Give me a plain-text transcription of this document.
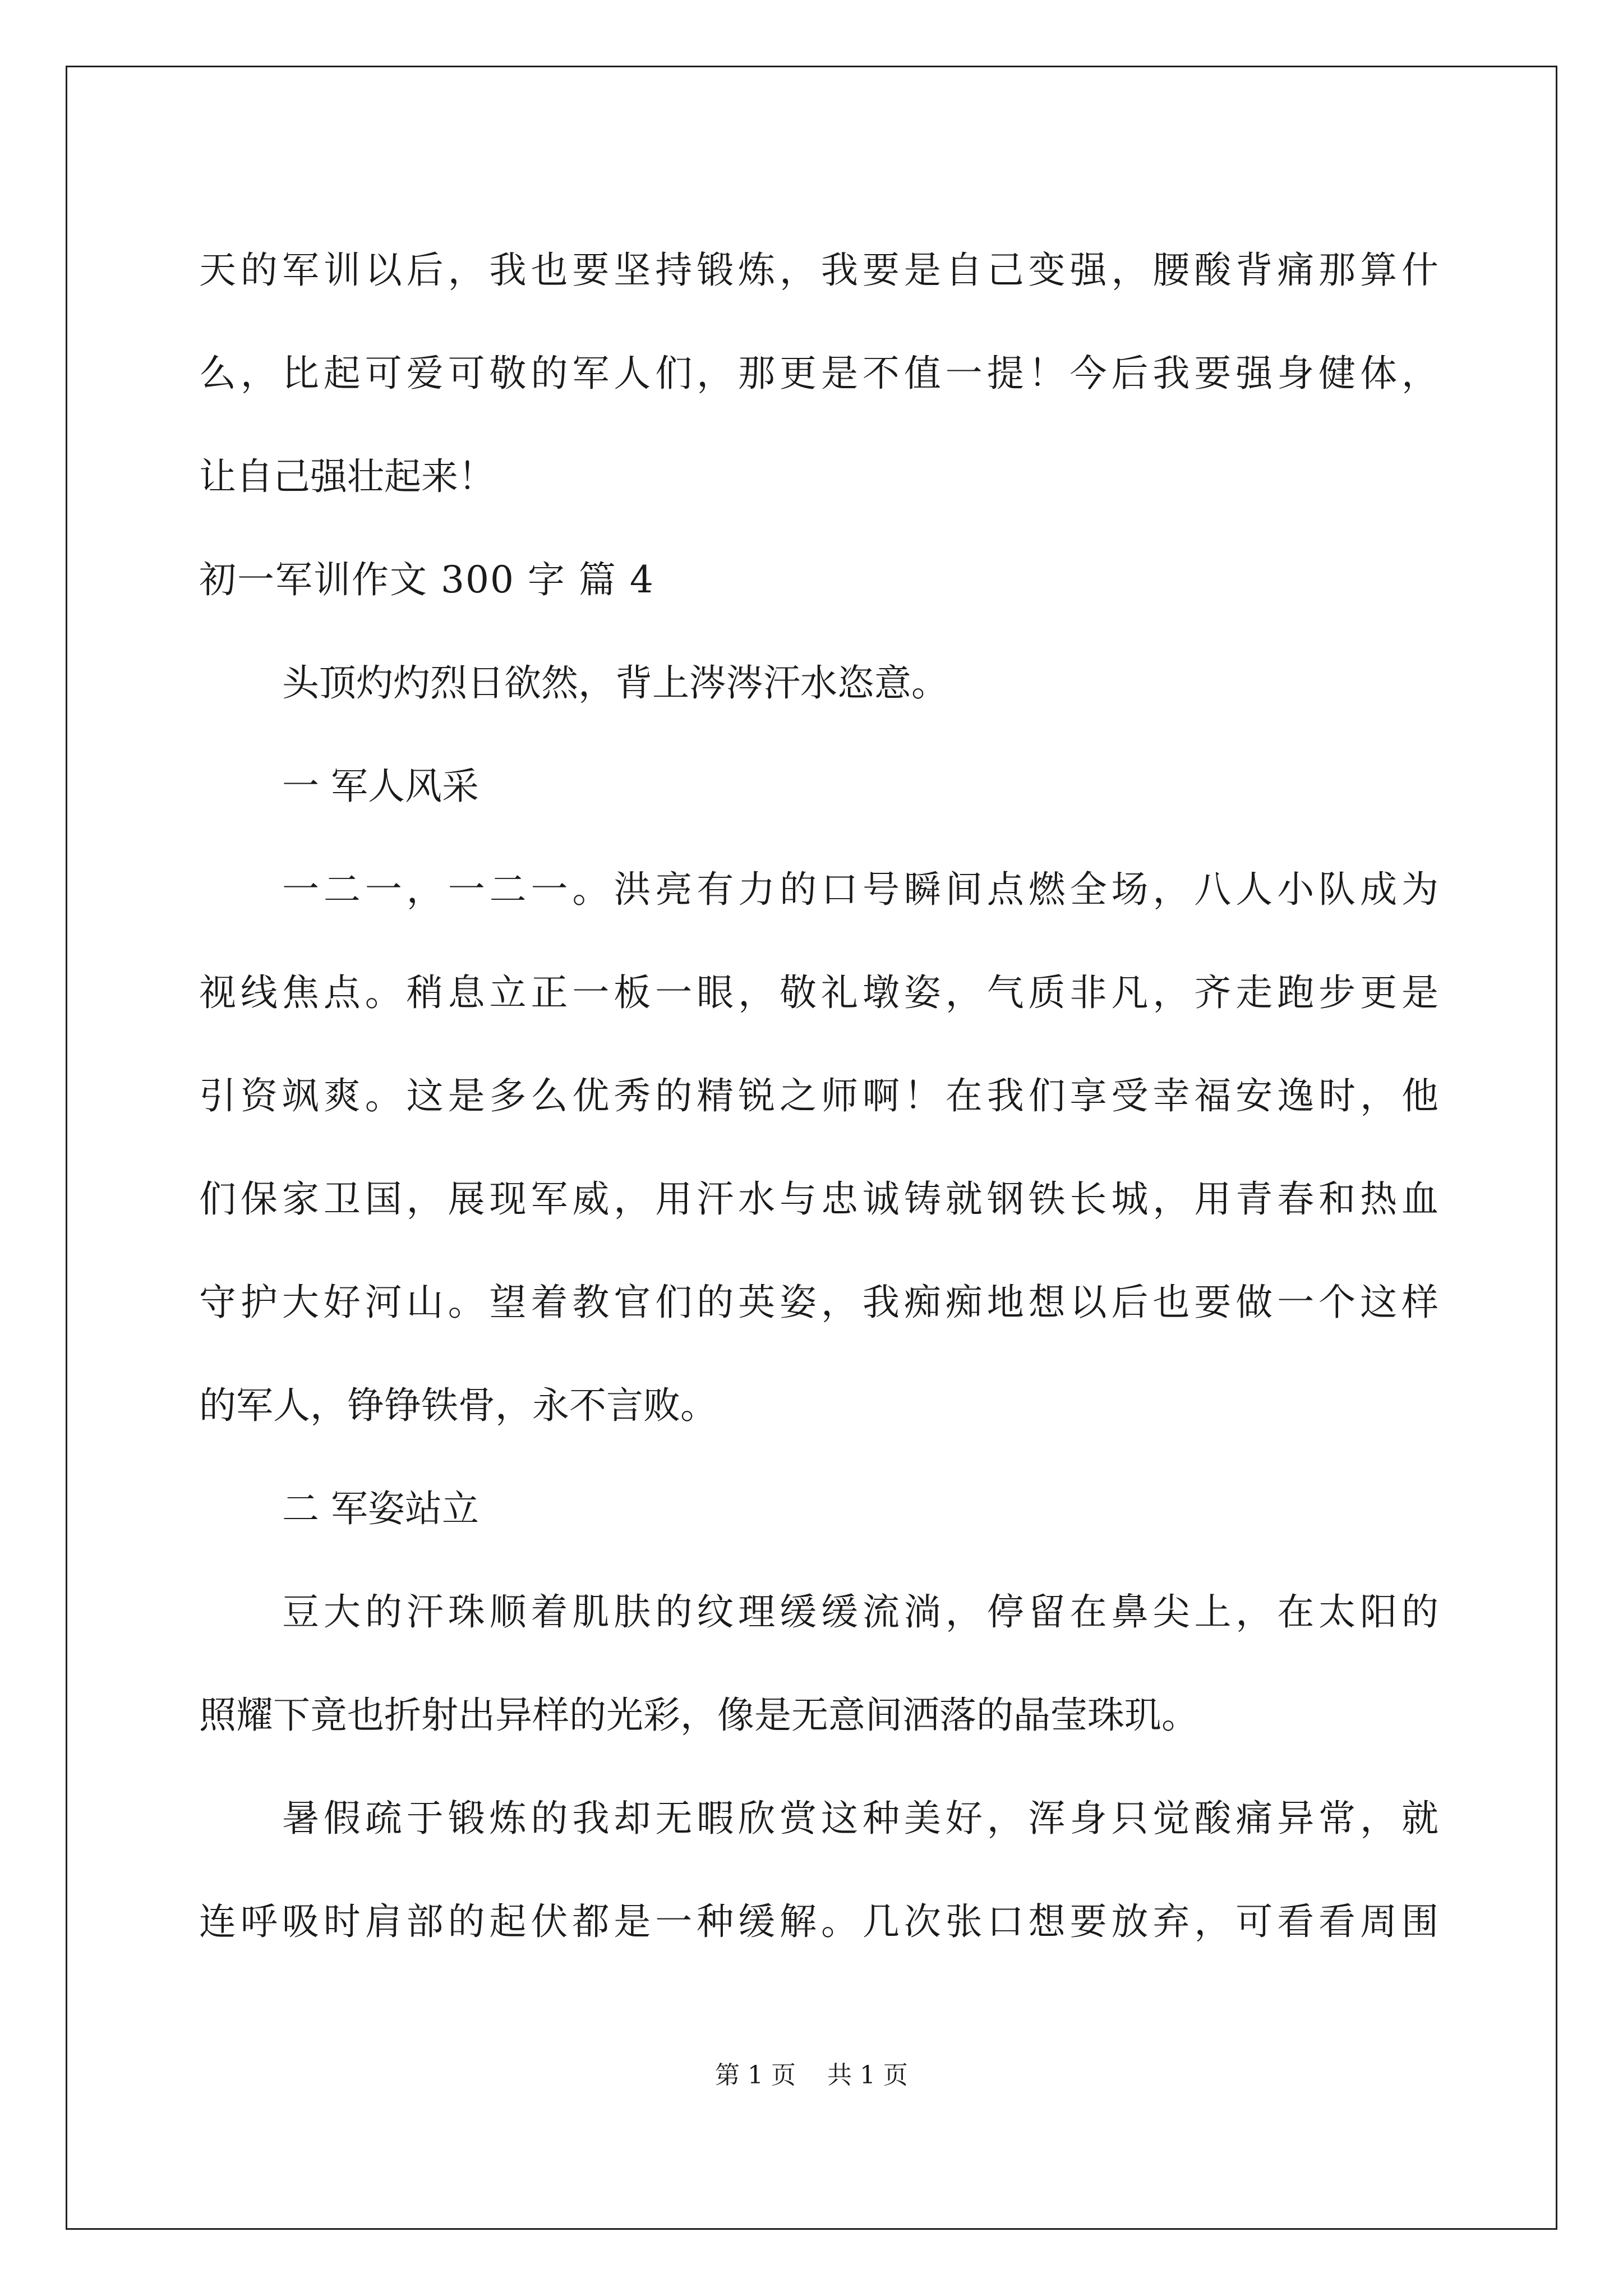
天的军训以后，我也要坚持锻炼，我要是自己变强，腰酸背痛那算什
么，比起可爱可敬的军人们，那更是不值一提！今后我要强身健体，
让自己强壮起来！
初一军训作文 300 字 篇 4
头顶灼灼烈日欲然，背上涔涔汗水恣意。
一 军人风采
一二一，一二一。洪亮有力的口号瞬间点燃全场，八人小队成为
视线焦点。稍息立正一板一眼，敬礼墩姿，气质非凡，齐走跑步更是
引资飒爽。这是多么优秀的精锐之师啊！在我们享受幸福安逸时，他
们保家卫国，展现军威，用汗水与忠诚铸就钢铁长城，用青春和热血
守护大好河山。望着教官们的英姿，我痴痴地想以后也要做一个这样
的军人，铮铮铁骨，永不言败。
二 军姿站立
豆大的汗珠顺着肌肤的纹理缓缓流淌，停留在鼻尖上，在太阳的
照耀下竟也折射出异样的光彩，像是无意间洒落的晶莹珠玑。
暑假疏于锻炼的我却无暇欣赏这种美好，浑身只觉酸痛异常，就
连呼吸时肩部的起伏都是一种缓解。几次张口想要放弃，可看看周围
第 1 页    共 1 页
